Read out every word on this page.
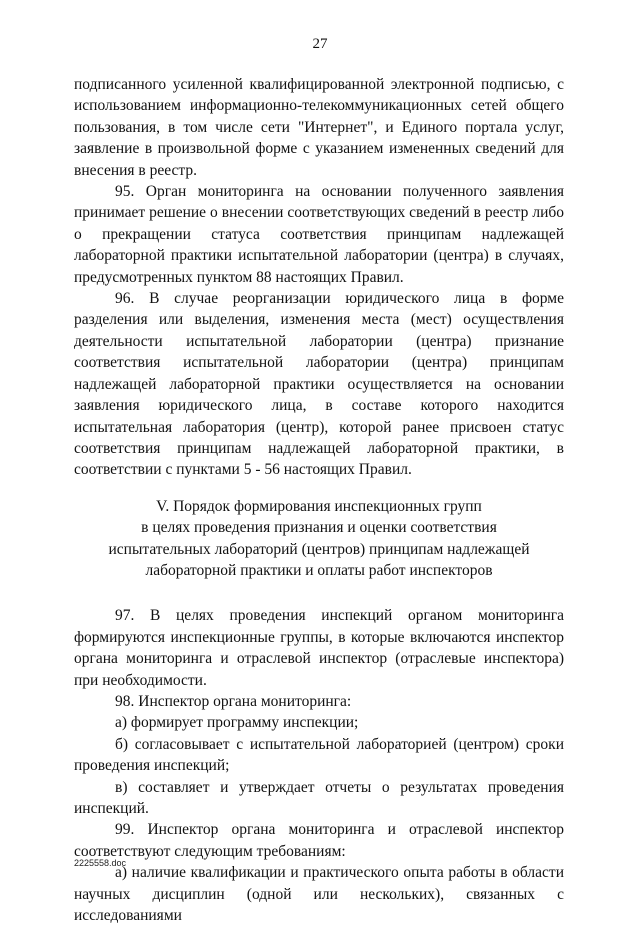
27

подписанного усиленной квалифицированной электронной подписью, с использованием информационно-телекоммуникационных сетей общего пользования, в том числе сети "Интернет", и Единого портала услуг, заявление в произвольной форме с указанием измененных сведений для внесения в реестр.

95. Орган мониторинга на основании полученного заявления принимает решение о внесении соответствующих сведений в реестр либо о прекращении статуса соответствия принципам надлежащей лабораторной практики испытательной лаборатории (центра) в случаях, предусмотренных пунктом 88 настоящих Правил.

96. В случае реорганизации юридического лица в форме разделения или выделения, изменения места (мест) осуществления деятельности испытательной лаборатории (центра) признание соответствия испытательной лаборатории (центра) принципам надлежащей лабораторной практики осуществляется на основании заявления юридического лица, в составе которого находится испытательная лаборатория (центр), которой ранее присвоен статус соответствия принципам надлежащей лабораторной практики, в соответствии с пунктами 5 - 56 настоящих Правил.

V. Порядок формирования инспекционных групп
в целях проведения признания и оценки соответствия
испытательных лабораторий (центров) принципам надлежащей
лабораторной практики и оплаты работ инспекторов

97. В целях проведения инспекций органом мониторинга формируются инспекционные группы, в которые включаются инспектор органа мониторинга и отраслевой инспектор (отраслевые инспектора) при необходимости.

98. Инспектор органа мониторинга:

а) формирует программу инспекции;

б) согласовывает с испытательной лабораторией (центром) сроки проведения инспекций;

в) составляет и утверждает отчеты о результатах проведения инспекций.

99. Инспектор органа мониторинга и отраслевой инспектор соответствуют следующим требованиям:

а) наличие квалификации и практического опыта работы в области научных дисциплин (одной или нескольких), связанных с исследованиями

2225558.doc
